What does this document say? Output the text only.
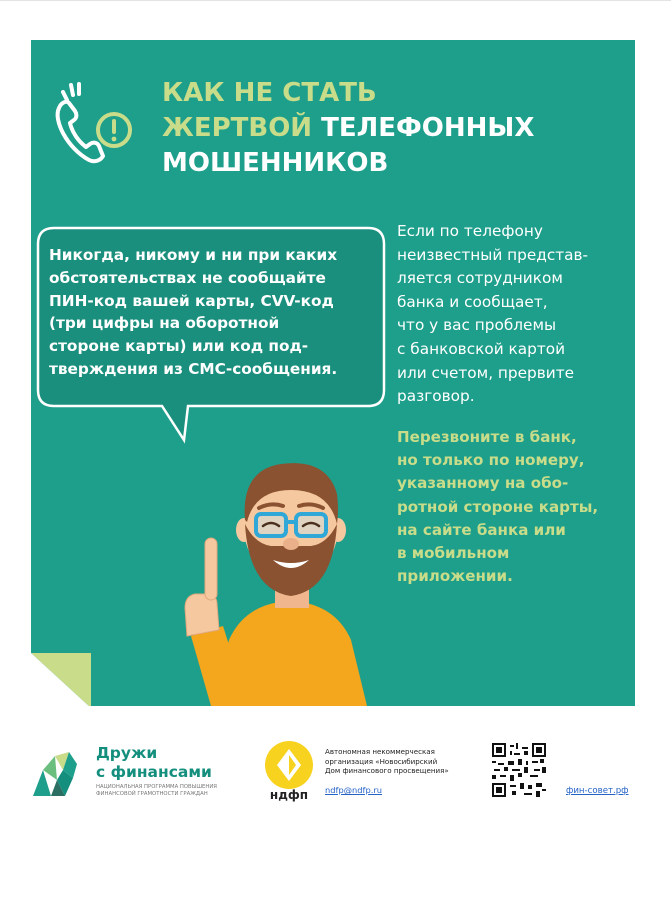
КАК НЕ СТАТЬ
ЖЕРТВОЙ ТЕЛЕФОННЫХ
МОШЕННИКОВ

Никогда, никому и ни при каких
обстоятельствах не сообщайте
ПИН-код вашей карты, CVV-код
(три цифры на оборотной
стороне карты) или код под-
тверждения из СМС-сообщения.

Если по телефону
неизвестный представ-
ляется сотрудником
банка и сообщает,
что у вас проблемы
с банковской картой
или счетом, прервите
разговор.

Перезвоните в банк,
но только по номеру,
указанному на обо-
ротной стороне карты,
на сайте банка или
в мобильном
приложении.

Дружи
с финансами

НАЦИОНАЛЬНАЯ ПРОГРАММА ПОВЫШЕНИЯ
ФИНАНСОВОЙ ГРАМОТНОСТИ ГРАЖДАН	ндфп

Автономная некоммерческая
организация «Новосибирский
Дом финансового просвещения»

ndfp@ndfp.ru	фин-совет.рф
